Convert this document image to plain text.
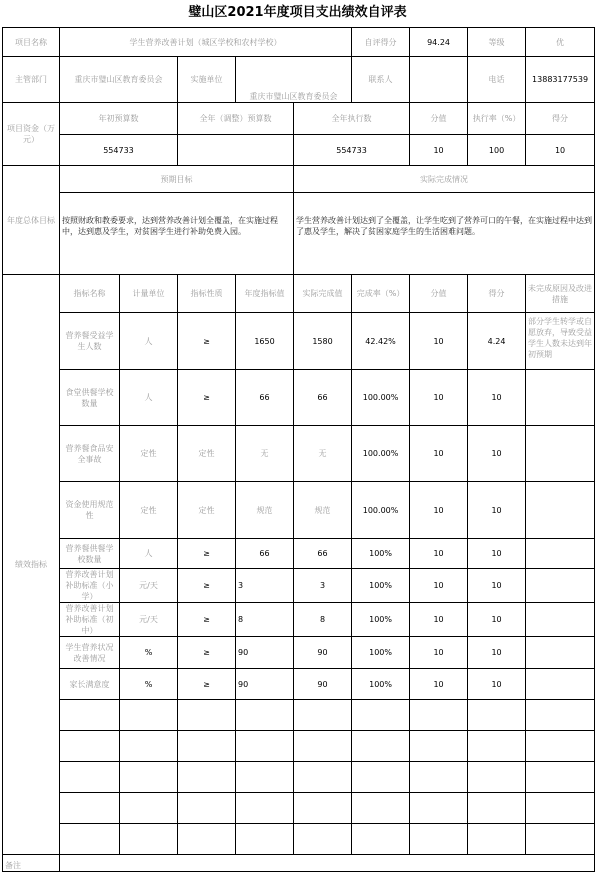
璧山区2021年度项目支出绩效自评表
项目名称	学生营养改善计划（城区学校和农村学校）					自评得分	94.24	等级	优
主管部门	重庆市璧山区教育委员会		实施单位	重庆市璧山区教育委员会		联系人		电话	13883177539
项目资金（万元）	年初预算数		全年（调整）预算数		全年执行数		分值	执行率（%）	得分
	554733				554733		10	100	10
年度总体目标	预期目标				实际完成情况				
	按照财政和教委要求，达到营养改善计划全覆盖，在实施过程中，达到惠及学生，对贫困学生进行补助免费入园。				学生营养改善计划达到了全覆盖，让学生吃到了营养可口的午餐，在实施过程中达到了惠及学生，解决了贫困家庭学生的生活困难问题。				
绩效指标	指标名称	计量单位	指标性质	年度指标值	实际完成值	完成率（%）	分值	得分	未完成原因及改进措施
	营养餐受益学生人数	人	≥	1650	1580	42.42%	10	4.24	部分学生转学或自愿放弃，导致受益学生人数未达到年初预期
	食堂供餐学校数量	人	≥	66	66	100.00%	10	10	
	营养餐食品安全事故	定性	定性	无	无	100.00%	10	10	
	资金使用规范性	定性	定性	规范	规范	100.00%	10	10	
	营养餐供餐学校数量	人	≥	66	66	100%	10	10	
	营养改善计划补助标准（小学）	元/天	≥	3	3	100%	10	10	
	营养改善计划补助标准（初中）	元/天	≥	8	8	100%	10	10	
	学生营养状况改善情况	%	≥	90	90	100%	10	10	
	家长满意度	%	≥	90	90	100%	10	10	

备注									
